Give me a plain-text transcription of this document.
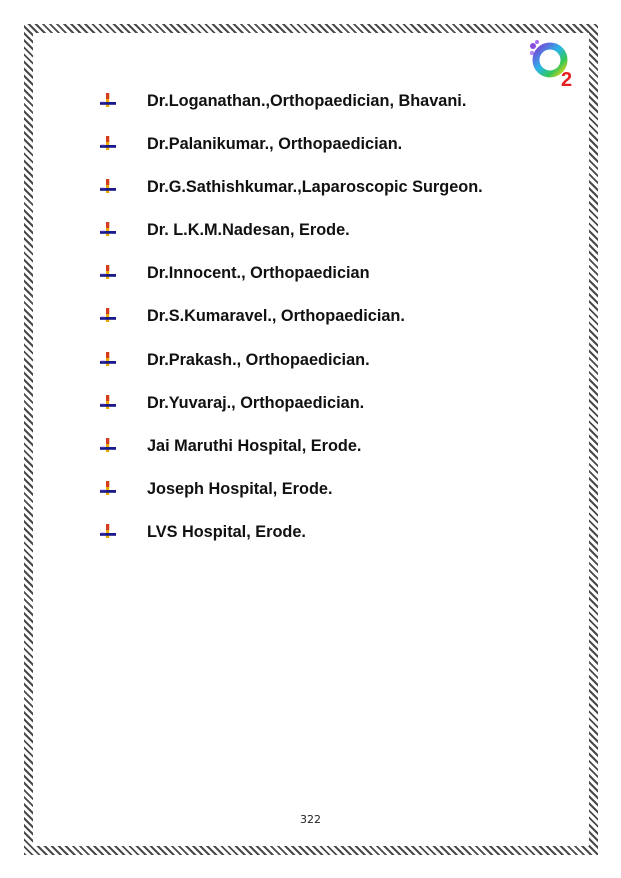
2
Dr.Loganathan.,Orthopaedician, Bhavani.
Dr.Palanikumar., Orthopaedician.
Dr.G.Sathishkumar.,Laparoscopic Surgeon.
Dr. L.K.M.Nadesan, Erode.
Dr.Innocent., Orthopaedician
Dr.S.Kumaravel., Orthopaedician.
Dr.Prakash., Orthopaedician.
Dr.Yuvaraj., Orthopaedician.
Jai Maruthi Hospital, Erode.
Joseph Hospital, Erode.
LVS Hospital, Erode.
322
